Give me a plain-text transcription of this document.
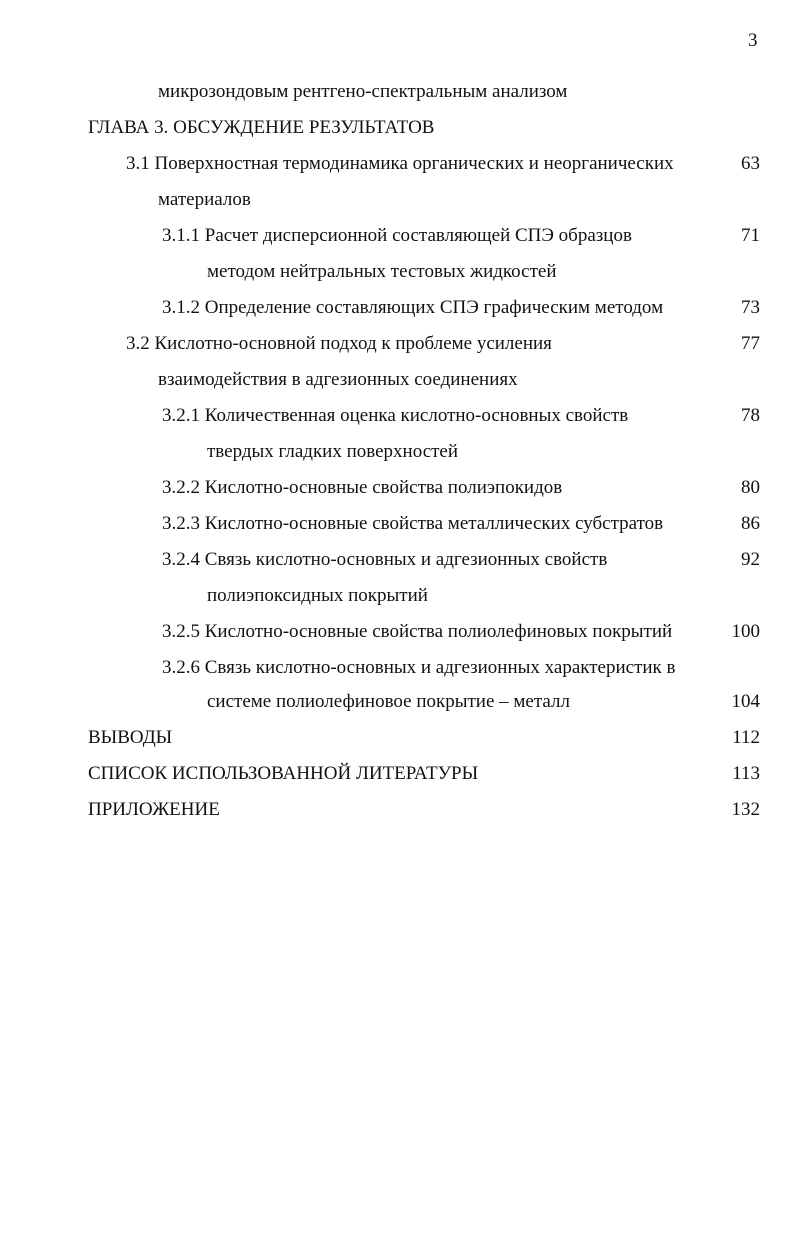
3
микрозондовым рентгено-спектральным анализом
ГЛАВА 3. ОБСУЖДЕНИЕ РЕЗУЛЬТАТОВ
3.1 Поверхностная термодинамика органических и неорганических	63
материалов
3.1.1 Расчет дисперсионной составляющей СПЭ образцов	71
методом нейтральных тестовых жидкостей
3.1.2 Определение составляющих СПЭ графическим методом	73
3.2 Кислотно-основной подход к проблеме усиления	77
взаимодействия в адгезионных соединениях
3.2.1 Количественная оценка кислотно-основных свойств	78
твердых гладких поверхностей
3.2.2 Кислотно-основные свойства полиэпокидов	80
3.2.3 Кислотно-основные свойства металлических субстратов	86
3.2.4 Связь кислотно-основных и адгезионных свойств	92
полиэпоксидных покрытий
3.2.5 Кислотно-основные свойства полиолефиновых покрытий	100
3.2.6 Связь кислотно-основных и адгезионных характеристик в
системе полиолефиновое покрытие – металл	104
ВЫВОДЫ	112
СПИСОК ИСПОЛЬЗОВАННОЙ ЛИТЕРАТУРЫ	113
ПРИЛОЖЕНИЕ	132
